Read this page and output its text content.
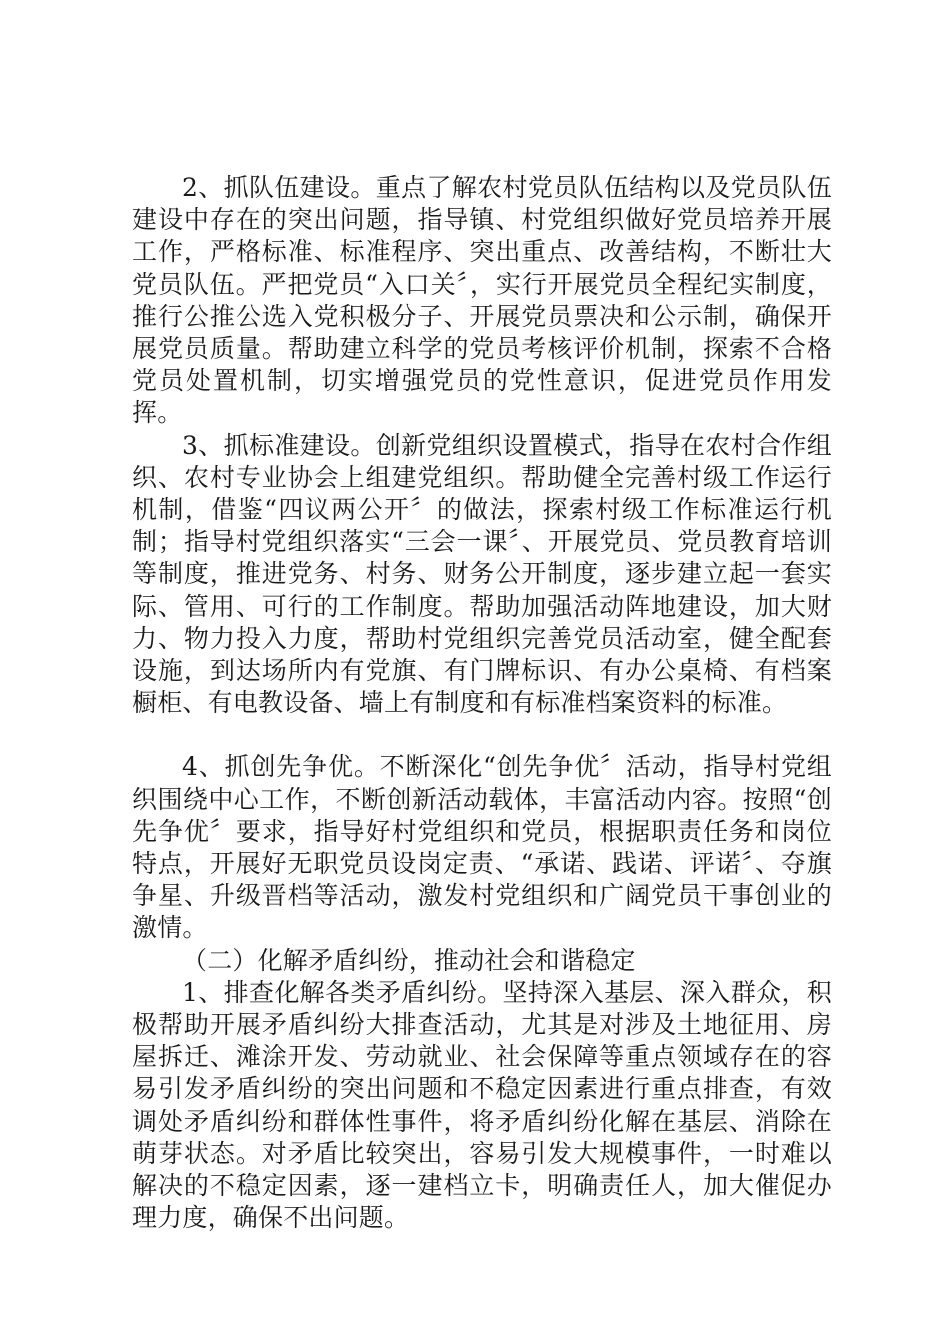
2、抓队伍建设。重点了解农村党员队伍结构以及党员队伍建设中存在的突出问题，指导镇、村党组织做好党员培养开展工作，严格标准、标准程序、突出重点、改善结构，不断壮大党员队伍。严把党员“入口关〞，实行开展党员全程纪实制度，推行公推公选入党积极分子、开展党员票决和公示制，确保开展党员质量。帮助建立科学的党员考核评价机制，探索不合格党员处置机制，切实增强党员的党性意识，促进党员作用发挥。

3、抓标准建设。创新党组织设置模式，指导在农村合作组织、农村专业协会上组建党组织。帮助健全完善村级工作运行机制，借鉴“四议两公开〞的做法，探索村级工作标准运行机制；指导村党组织落实“三会一课〞、开展党员、党员教育培训等制度，推进党务、村务、财务公开制度，逐步建立起一套实际、管用、可行的工作制度。帮助加强活动阵地建设，加大财力、物力投入力度，帮助村党组织完善党员活动室，健全配套设施，到达场所内有党旗、有门牌标识、有办公桌椅、有档案橱柜、有电教设备、墙上有制度和有标准档案资料的标准。

4、抓创先争优。不断深化“创先争优〞活动，指导村党组织围绕中心工作，不断创新活动载体，丰富活动内容。按照“创先争优〞要求，指导好村党组织和党员，根据职责任务和岗位特点，开展好无职党员设岗定责、“承诺、践诺、评诺〞、夺旗争星、升级晋档等活动，激发村党组织和广阔党员干事创业的激情。

（二）化解矛盾纠纷，推动社会和谐稳定

1、排查化解各类矛盾纠纷。坚持深入基层、深入群众，积极帮助开展矛盾纠纷大排查活动，尤其是对涉及土地征用、房屋拆迁、滩涂开发、劳动就业、社会保障等重点领域存在的容易引发矛盾纠纷的突出问题和不稳定因素进行重点排查，有效调处矛盾纠纷和群体性事件，将矛盾纠纷化解在基层、消除在萌芽状态。对矛盾比较突出，容易引发大规模事件，一时难以解决的不稳定因素，逐一建档立卡，明确责任人，加大催促办理力度，确保不出问题。
